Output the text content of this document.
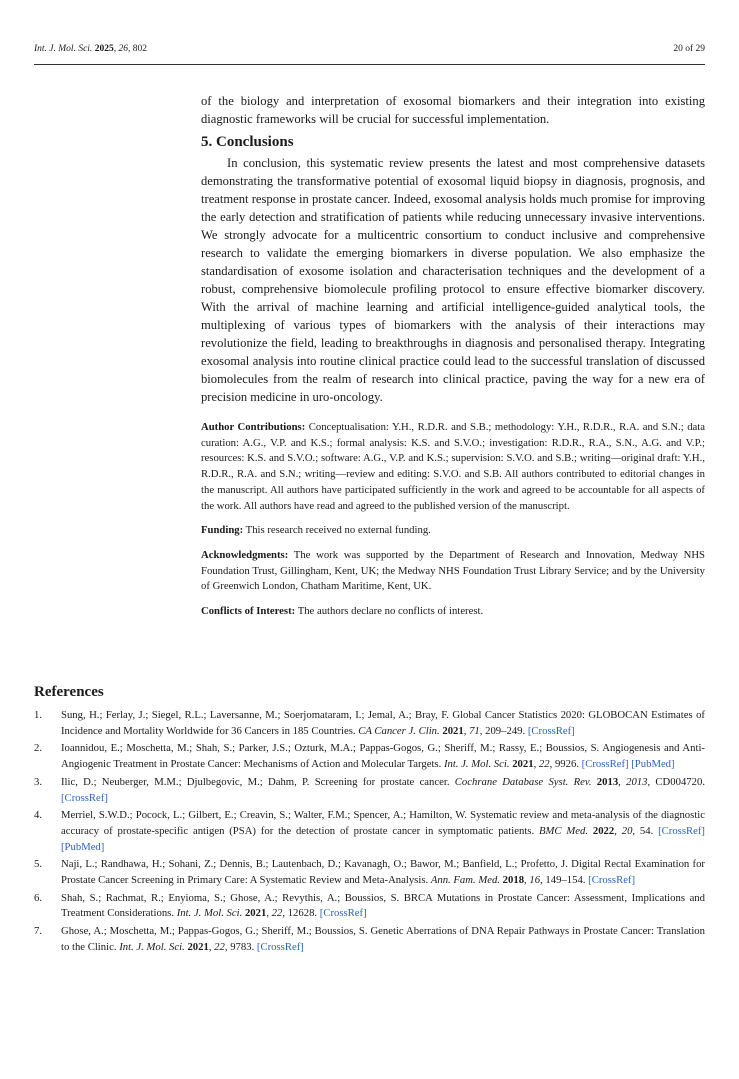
Int. J. Mol. Sci. 2025, 26, 802	20 of 29

of the biology and interpretation of exosomal biomarkers and their integration into existing diagnostic frameworks will be crucial for successful implementation.

5. Conclusions

In conclusion, this systematic review presents the latest and most comprehensive datasets demonstrating the transformative potential of exosomal liquid biopsy in diagnosis, prognosis, and treatment response in prostate cancer. Indeed, exosomal analysis holds much promise for improving the early detection and stratification of patients while reducing unnecessary invasive interventions. We strongly advocate for a multicentric consortium to conduct inclusive and comprehensive research to validate the emerging biomarkers in diverse population. We also emphasize the standardisation of exosome isolation and characterisation techniques and the development of a robust, comprehensive biomolecule profiling protocol to ensure effective biomarker discovery. With the arrival of machine learning and artificial intelligence-guided analytical tools, the multiplexing of various types of biomarkers with the analysis of their interactions may revolutionize the field, leading to breakthroughs in diagnosis and personalised therapy. Integrating exosomal analysis into routine clinical practice could lead to the successful translation of discussed biomolecules from the realm of research into clinical practice, paving the way for a new era of precision medicine in uro-oncology.

Author Contributions: Conceptualisation: Y.H., R.D.R. and S.B.; methodology: Y.H., R.D.R., R.A. and S.N.; data curation: A.G., V.P. and K.S.; formal analysis: K.S. and S.V.O.; investigation: R.D.R., R.A., S.N., A.G. and V.P.; resources: K.S. and S.V.O.; software: A.G., V.P. and K.S.; supervision: S.V.O. and S.B.; writing—original draft: Y.H., R.D.R., R.A. and S.N.; writing—review and editing: S.V.O. and S.B. All authors contributed to editorial changes in the manuscript. All authors have participated sufficiently in the work and agreed to be accountable for all aspects of the work. All authors have read and agreed to the published version of the manuscript.

Funding: This research received no external funding.

Acknowledgments: The work was supported by the Department of Research and Innovation, Medway NHS Foundation Trust, Gillingham, Kent, UK; the Medway NHS Foundation Trust Library Service; and by the University of Greenwich London, Chatham Maritime, Kent, UK.

Conflicts of Interest: The authors declare no conflicts of interest.

References
1. Sung, H.; Ferlay, J.; Siegel, R.L.; Laversanne, M.; Soerjomataram, I.; Jemal, A.; Bray, F. Global Cancer Statistics 2020: GLOBOCAN Estimates of Incidence and Mortality Worldwide for 36 Cancers in 185 Countries. CA Cancer J. Clin. 2021, 71, 209–249. [CrossRef]
2. Ioannidou, E.; Moschetta, M.; Shah, S.; Parker, J.S.; Ozturk, M.A.; Pappas-Gogos, G.; Sheriff, M.; Rassy, E.; Boussios, S. Angiogenesis and Anti-Angiogenic Treatment in Prostate Cancer: Mechanisms of Action and Molecular Targets. Int. J. Mol. Sci. 2021, 22, 9926. [CrossRef] [PubMed]
3. Ilic, D.; Neuberger, M.M.; Djulbegovic, M.; Dahm, P. Screening for prostate cancer. Cochrane Database Syst. Rev. 2013, 2013, CD004720. [CrossRef]
4. Merriel, S.W.D.; Pocock, L.; Gilbert, E.; Creavin, S.; Walter, F.M.; Spencer, A.; Hamilton, W. Systematic review and meta-analysis of the diagnostic accuracy of prostate-specific antigen (PSA) for the detection of prostate cancer in symptomatic patients. BMC Med. 2022, 20, 54. [CrossRef] [PubMed]
5. Naji, L.; Randhawa, H.; Sohani, Z.; Dennis, B.; Lautenbach, D.; Kavanagh, O.; Bawor, M.; Banfield, L.; Profetto, J. Digital Rectal Examination for Prostate Cancer Screening in Primary Care: A Systematic Review and Meta-Analysis. Ann. Fam. Med. 2018, 16, 149–154. [CrossRef]
6. Shah, S.; Rachmat, R.; Enyioma, S.; Ghose, A.; Revythis, A.; Boussios, S. BRCA Mutations in Prostate Cancer: Assessment, Implications and Treatment Considerations. Int. J. Mol. Sci. 2021, 22, 12628. [CrossRef]
7. Ghose, A.; Moschetta, M.; Pappas-Gogos, G.; Sheriff, M.; Boussios, S. Genetic Aberrations of DNA Repair Pathways in Prostate Cancer: Translation to the Clinic. Int. J. Mol. Sci. 2021, 22, 9783. [CrossRef]
